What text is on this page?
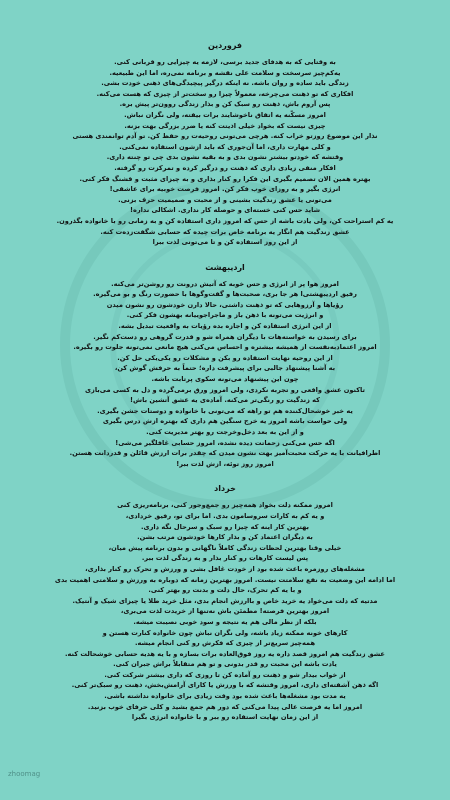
فروردین

به وقتایی که به هدفای جدید برسی، لازمه یه چیزایی رو قربانی کنی.

یه‌کم‌چیز سرسخت و سلامت علی نقشه و برنامه نمی‌ره، اما این طبیعیه.

زندگی باید ساده و روان باشه. نه اینکه درگیر پیچیدگی‌های ذهنی خودت بشی.

افکاری که تو ذهنت می‌چرخه، معمولاً چیزا رو سخت‌تر از چیزی که هست می‌کنه.

پس آروم باش، ذهنت رو سبک کن و بذار زندگی روون‌تر پیش بره.

امروز مسکّنه یه اتفاق ناخوشایند برات بیفته، ولی نگران نباش.

چیزی نیست که بخواد خیلی اذیتت کنه یا ضرر بزرگی بهت بزنه.

نذار این موضوع روزتو خراب کنه. هرچی می‌تونی روحیه‌ت رو حفظ کن. تو آدم توانمندی هستی

و کلی مهارت داری، اما آن‌جوری که باید ازشون استفاده نمی‌کنی.

وقتشه که خودتو بیشتر نشون بدی و به بقیه نشون بدی چی تو چنته داری.

افکار منفی زیادی داری که ذهنت رو درگیر کرده و تمرکزت رو گرفته.

بهتره همین الان تصمیم بگیری این فکرا رو کنار بذاری و به چیزای مثبت و قشنگ فکر کنی.

انرژی بگیر و به روزای خوب فکر کن. امروز فرصت خوبیه برای عاشقی!

می‌تونی یا عشق زندگیت بشینی و از محبت و صمیمیت حرف بزنی.

شاید حس کنی خسته‌ای و حوصله کار نداری. اشکالی نداره!

یه کم استراحت کن، ولی یادت باشه از حس که امروز داری استفاده کن و به زمانی رو با خانواده بگذرون.

عشق زندگیت هم انگار یه برنامه خاص برات چیده که حسابی شگفت‌زده‌ت کنه.

از این روز استفاده کن و تا می‌تونی لذت ببرا

اردیبهشت

امروز هوا پر از انرژی و حس خوبه که آتیش درونت رو روشن‌تر می‌کنه.

رفیق اردیبهشتی‌ا هر جا بری، صحبت‌ها و گفت‌وگوها با حضورت رنگ و بو می‌گیره.

رؤیاها و آرزوهایی که تو ذهنت داشتی، حالا دارن خودشون رو نشون میدن

و انرژیت می‌تونه با ذهن باز و ماجراجوییانه بهشون فکر کنی.

از این انرژی استفاده کن و اجازه بده رؤیات به واقعیت تبدیل بشه.

برای رسیدن به خواسته‌هات با دیگران همراه شو و قدرت گروهی رو دست‌کم نگیر.

امروز اعتمادبه‌نفست از همیشه بیشتره و احساس می‌کنی هیچ مانعی نمی‌تونه جلوت رو بگیره.

از این روحیه نهایت استفاده رو بکن و مشکلات رو یکی‌یکی حل کن.

به آشنا پیشنهاد جالبی برای پیشرفت داره؛ حتماً به حرفش گوش کن،

چون این پیشنهاد می‌تونه سکوی پرتابت باشه.

تاکنون عشق واقعی رو تجربه نکردی، ولی امروز ورق برمی‌گرده و دل به کسی می‌بازی

که زندگیت رو رنگی‌تر می‌کنه. آماده‌ی یه عشق آتشین باش!

یه خبر خوشحال‌کننده هم تو راهه که می‌تونی با خانواده و دوستات جشن بگیری.

ولی حواست باشه امروز یه خرج سنگین هم داری که بهتره ازش درس بگیری

و از این به بعد دخل‌وخرجت رو بهتر مدیریت کنی.

اگه حس می‌کنی زحماتت دیده نشده، امروز حسابی غافلگیر می‌شی!

اطرافیانت با یه حرکت محبت‌آمیز بهت نشون میدن که چقدر برات ارزش قائلن و قدردانت هستن.

امروز روز توئه، ازش لذت ببر!

خرداد

امروز ممکنه دلت بخواد همه‌چیز رو جمع‌وجور کنی، برنامه‌ریزی کنی

و یه کم به کارات سروسامون بدی. اما برای تو، رفیق خردادی،

بهترین کار اینه که چیزا رو سبک و سرحال نگه داری.

به دیگران اعتماد کن و بذار کارها خودشون مرتب بشن.

خیلی وقتا بهترین لحظات زندگی کاملاً ناگهانی و بدون برنامه پیش میان،

پس لیست کارهات رو کنار بذار و به زندگی لذت ببر.

مشغله‌های روزمره باعث شده بود از خودت غافل بشی و ورزش و تحرک رو کنار بذاری،

اما ادامه این وضعیت به نفع سلامتت نیست. امروز بهترین زمانه که دوباره به ورزش و سلامتی اهمیت بدی

و با یه کم تحرک، حال دلت و بدنت رو بهتر کنی.

مدتیه که دلت می‌خواد یه خرید خاص و باارزش انجام بدی، مثل خرید طلا یا چیزای شیک و آنتیک.

امروز بهترین فرصته! مطمئن باش نه‌تنها از خریدت لذت می‌بری،

بلکه از نظر مالی هم یه نتیجه و سود خوبی نصیبت میشه.

کارهای خونه ممکنه زیاد باشه، ولی نگران نباش چون خانواده کنارت هستن و

همه‌چیز سریع‌تر از چیزی که فکرش رو کنی انجام میشه.

عشق زندگیت هم امروز قصد داره یه روز فوق‌العاده برات بسازه و با یه هدیه حسابی خوشحالت کنه.

یادت باشه این محبت رو قدر بدونی و تو هم متقابلاً براش جبران کنی.

از خواب بیدار شو و ذهنت رو آماده کن تا روزی که داری بیشتر شرکت کنی.

اگه ذهن آشفته‌ای داری، امروز وقتشه که با ورزش یا کارای آرامش‌بخش، ذهنت رو سبک‌تر کنی.

یه مدت بود مشغله‌ها باعث شده بود وقت زیادی برای خانواده نداشته باشی.

امروز اما یه فرصت عالی پیدا می‌کنی که دور هم جمع بشید و کلی حرفای خوب بزنید.

از این زمان نهایت استفاده رو ببر و با خانواده انرژی بگیرا

zhoomag
